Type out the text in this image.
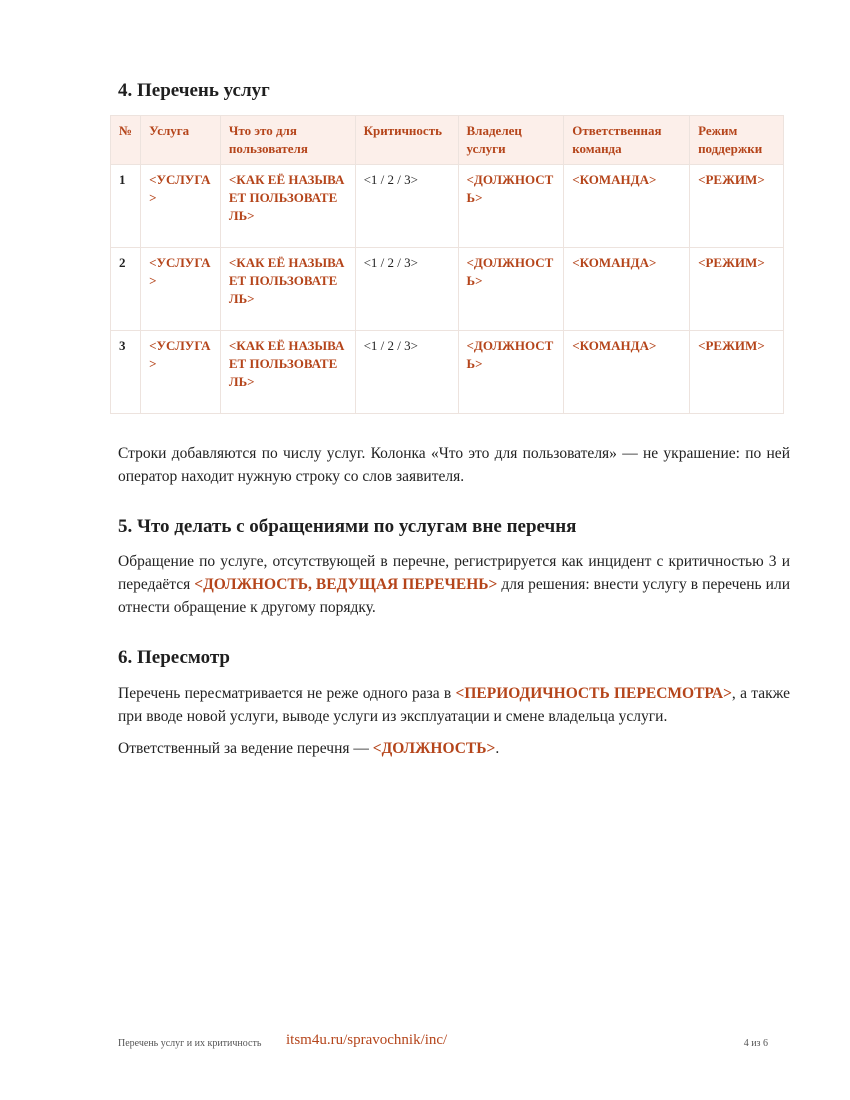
4. Перечень услуг
№	Услуга	Что это для пользователя	Критичность	Владелец услуги	Ответственная команда	Режим поддержки
1	<УСЛУГА>	<КАК ЕЁ НАЗЫВАЕТ ПОЛЬЗОВАТЕЛЬ>	<1 / 2 / 3>	<ДОЛЖНОСТЬ>	<КОМАНДА>	<РЕЖИМ>
2	<УСЛУГА>	<КАК ЕЁ НАЗЫВАЕТ ПОЛЬЗОВАТЕЛЬ>	<1 / 2 / 3>	<ДОЛЖНОСТЬ>	<КОМАНДА>	<РЕЖИМ>
3	<УСЛУГА>	<КАК ЕЁ НАЗЫВАЕТ ПОЛЬЗОВАТЕЛЬ>	<1 / 2 / 3>	<ДОЛЖНОСТЬ>	<КОМАНДА>	<РЕЖИМ>

Строки добавляются по числу услуг. Колонка «Что это для пользователя» — не украшение: по ней оператор находит нужную строку со слов заявителя.

5. Что делать с обращениями по услугам вне перечня

Обращение по услуге, отсутствующей в перечне, регистрируется как инцидент с критичностью 3 и передаётся <ДОЛЖНОСТЬ, ВЕДУЩАЯ ПЕРЕЧЕНЬ> для решения: внести услугу в перечень или отнести обращение к другому порядку.

6. Пересмотр

Перечень пересматривается не реже одного раза в <ПЕРИОДИЧНОСТЬ ПЕРЕСМОТРА>, а также при вводе новой услуги, выводе услуги из эксплуатации и смене владельца услуги.

Ответственный за ведение перечня — <ДОЛЖНОСТЬ>.

Перечень услуг и их критичность itsm4u.ru/spravochnik/inc/	4 из 6
